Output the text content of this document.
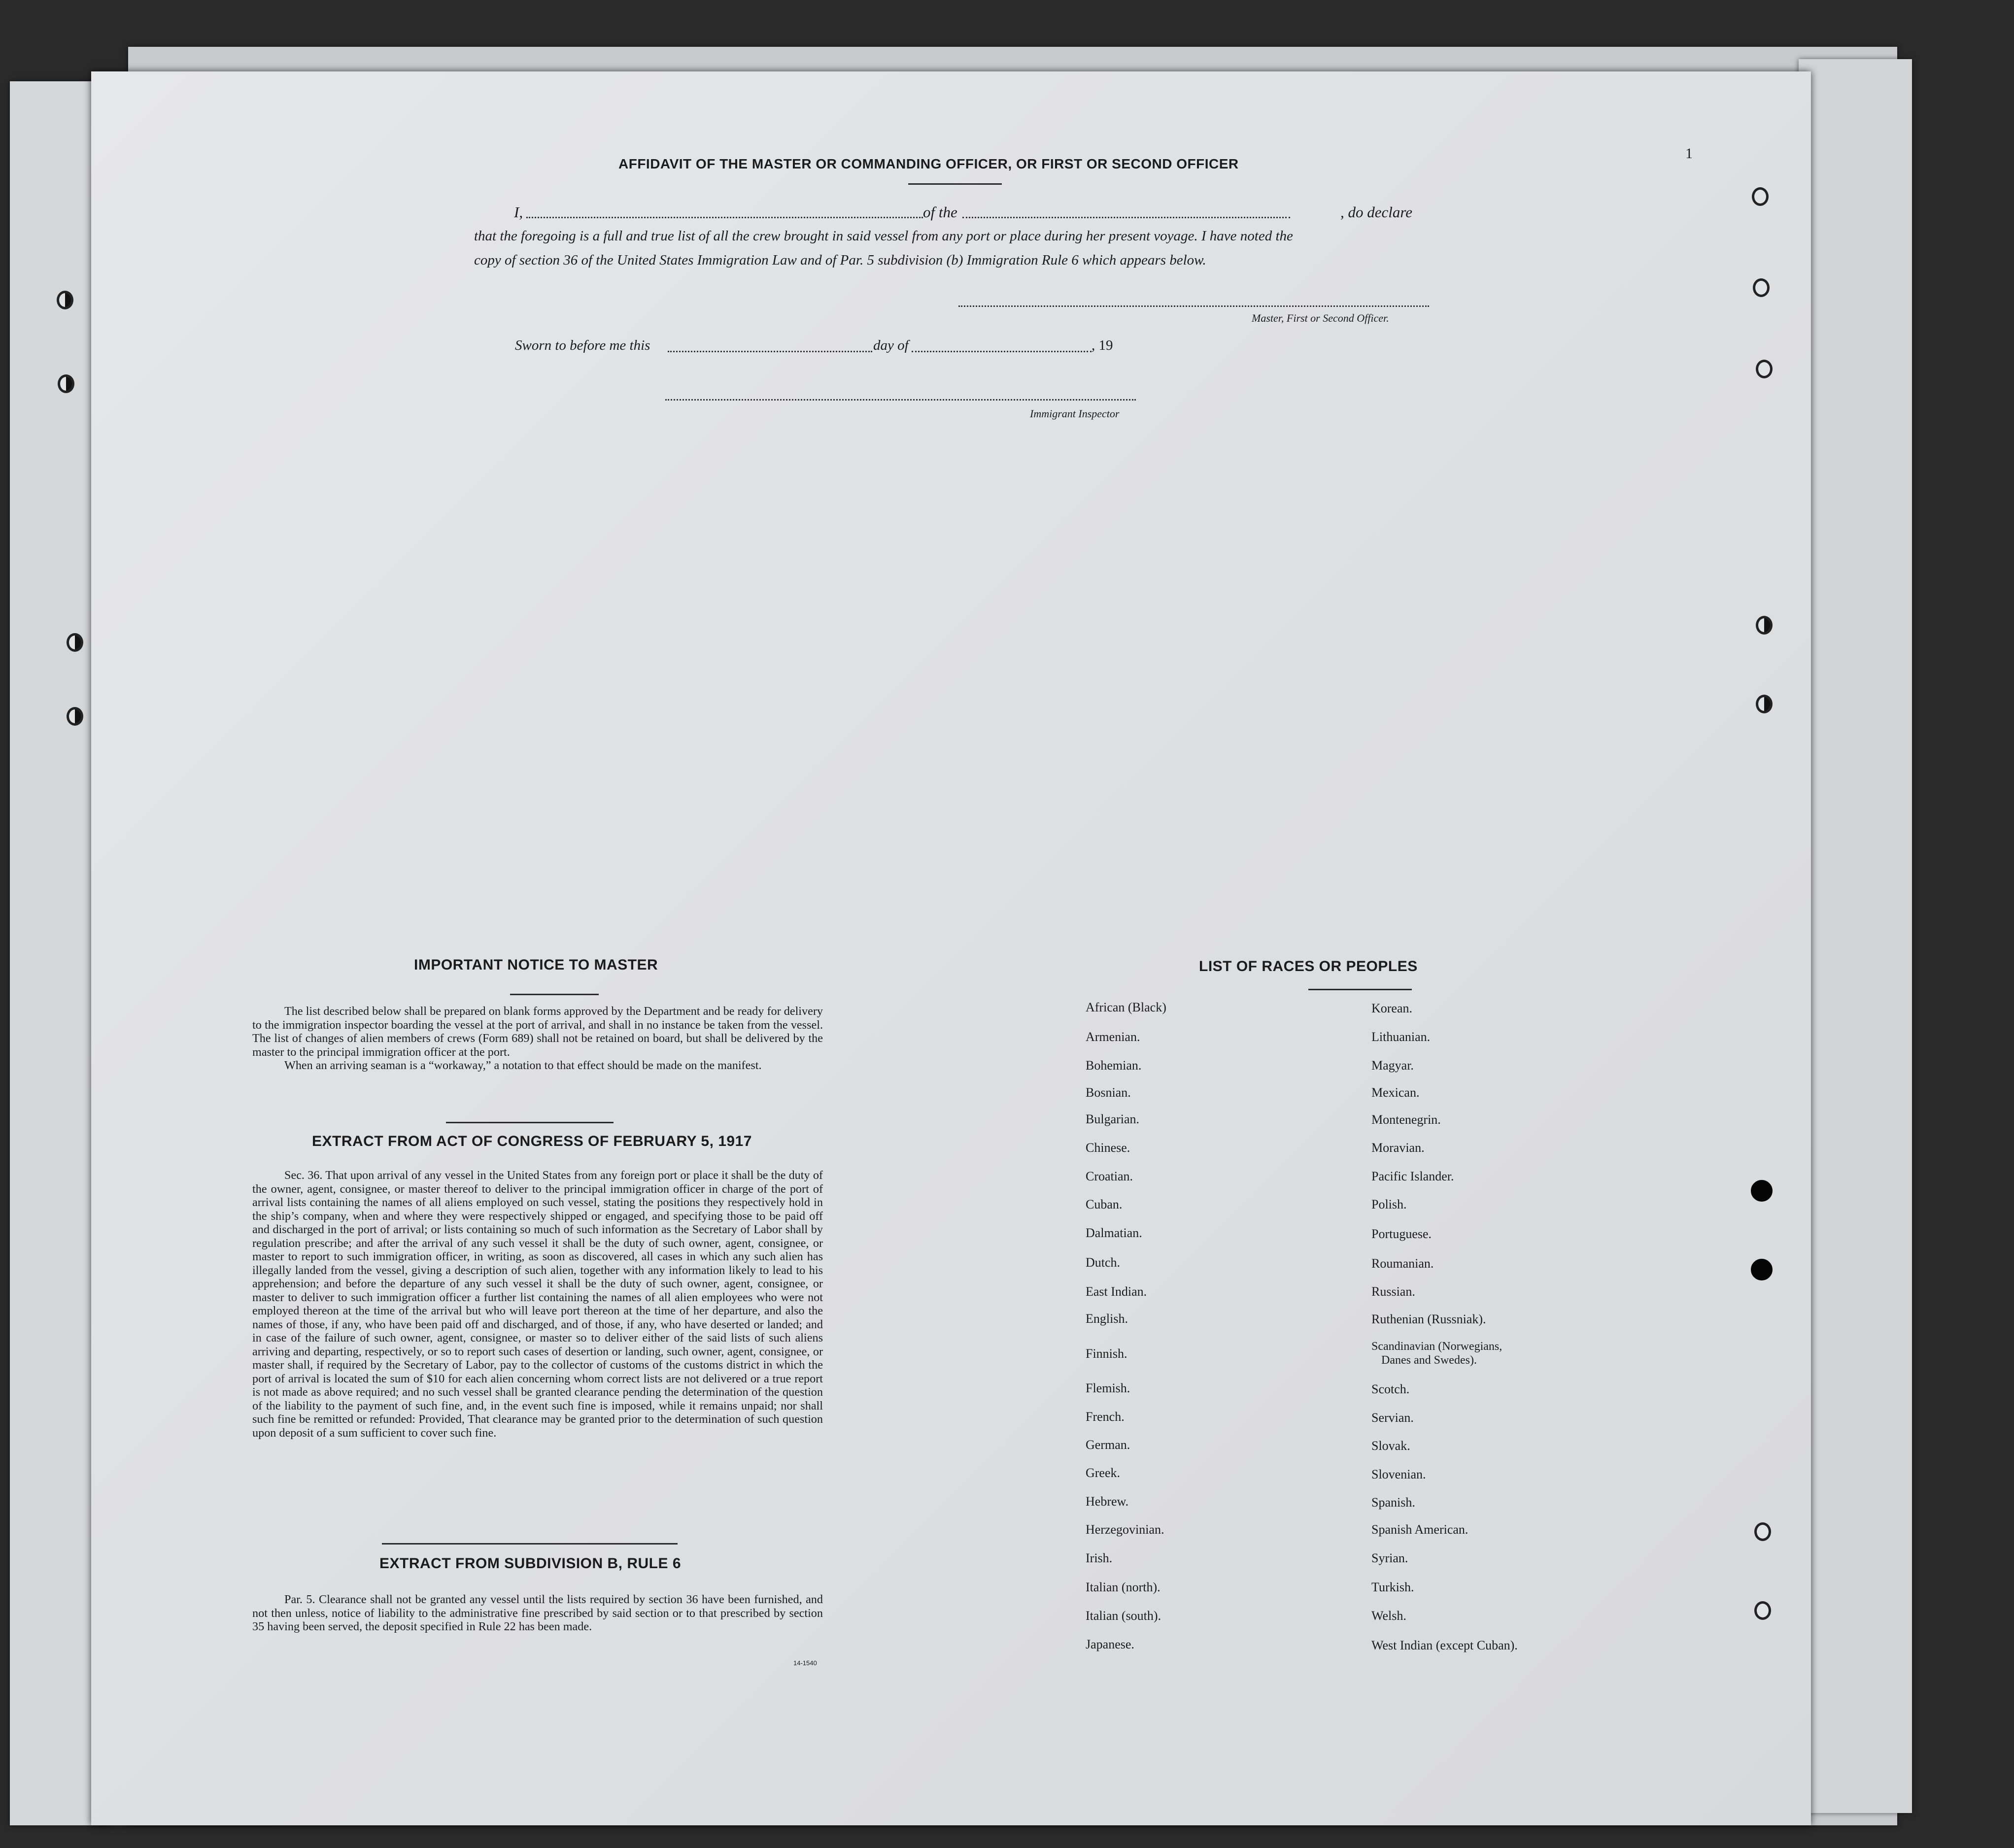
1
AFFIDAVIT OF THE MASTER OR COMMANDING OFFICER, OR FIRST OR SECOND OFFICER
I,	of the	, do declare
that the foregoing is a full and true list of all the crew brought in said vessel from any port or place during her present voyage. I have noted the
copy of section 36 of the United States Immigration Law and of Par. 5 subdivision (b) Immigration Rule 6 which appears below.
Master, First or Second Officer.
Sworn to before me this	day of	, 19
Immigrant Inspector
IMPORTANT NOTICE TO MASTER

The list described below shall be prepared on blank forms approved by the Department and be ready for delivery to the immigration inspector boarding the vessel at the port of arrival, and shall in no instance be taken from the vessel. The list of changes of alien members of crews (Form 689) shall not be retained on board, but shall be delivered by the master to the principal immigration officer at the port.

When an arriving seaman is a “workaway,” a notation to that effect should be made on the manifest.

EXTRACT FROM ACT OF CONGRESS OF FEBRUARY 5, 1917

Sec. 36. That upon arrival of any vessel in the United States from any foreign port or place it shall be the duty of the owner, agent, consignee, or master thereof to deliver to the principal immigration officer in charge of the port of arrival lists containing the names of all aliens employed on such vessel, stating the positions they respectively hold in the ship’s company, when and where they were respectively shipped or engaged, and specifying those to be paid off and discharged in the port of arrival; or lists containing so much of such information as the Secretary of Labor shall by regulation prescribe; and after the arrival of any such vessel it shall be the duty of such owner, agent, consignee, or master to report to such immigration officer, in writing, as soon as discovered, all cases in which any such alien has illegally landed from the vessel, giving a description of such alien, together with any information likely to lead to his apprehension; and before the departure of any such vessel it shall be the duty of such owner, agent, consignee, or master to deliver to such immigration officer a further list containing the names of all alien employees who were not employed thereon at the time of the arrival but who will leave port thereon at the time of her departure, and also the names of those, if any, who have been paid off and discharged, and of those, if any, who have deserted or landed; and in case of the failure of such owner, agent, consignee, or master so to deliver either of the said lists of such aliens arriving and departing, respectively, or so to report such cases of desertion or landing, such owner, agent, consignee, or master shall, if required by the Secretary of Labor, pay to the collector of customs of the customs district in which the port of arrival is located the sum of $10 for each alien concerning whom correct lists are not delivered or a true report is not made as above required; and no such vessel shall be granted clearance pending the determination of the question of the liability to the payment of such fine, and, in the event such fine is imposed, while it remains unpaid; nor shall such fine be remitted or refunded: Provided, That clearance may be granted prior to the determination of such question upon deposit of a sum sufficient to cover such fine.

EXTRACT FROM SUBDIVISION B, RULE 6

Par. 5. Clearance shall not be granted any vessel until the lists required by section 36 have been furnished, and not then unless, notice of liability to the administrative fine prescribed by said section or to that prescribed by section 35 having been served, the deposit specified in Rule 22 has been made.

14-1540
LIST OF RACES OR PEOPLES
African (Black)
Armenian.
Bohemian.
Bosnian.
Bulgarian.
Chinese.
Croatian.
Cuban.
Dalmatian.
Dutch.
East Indian.
English.
Finnish.
Flemish.
French.
German.
Greek.
Hebrew.
Herzegovinian.
Irish.
Italian (north).
Italian (south).
Japanese.
Korean.
Lithuanian.
Magyar.
Mexican.
Montenegrin.
Moravian.
Pacific Islander.
Polish.
Portuguese.
Roumanian.
Russian.
Ruthenian (Russniak).
Scandinavian (Norwegians,
Danes and Swedes).
Scotch.
Servian.
Slovak.
Slovenian.
Spanish.
Spanish American.
Syrian.
Turkish.
Welsh.
West Indian (except Cuban).
